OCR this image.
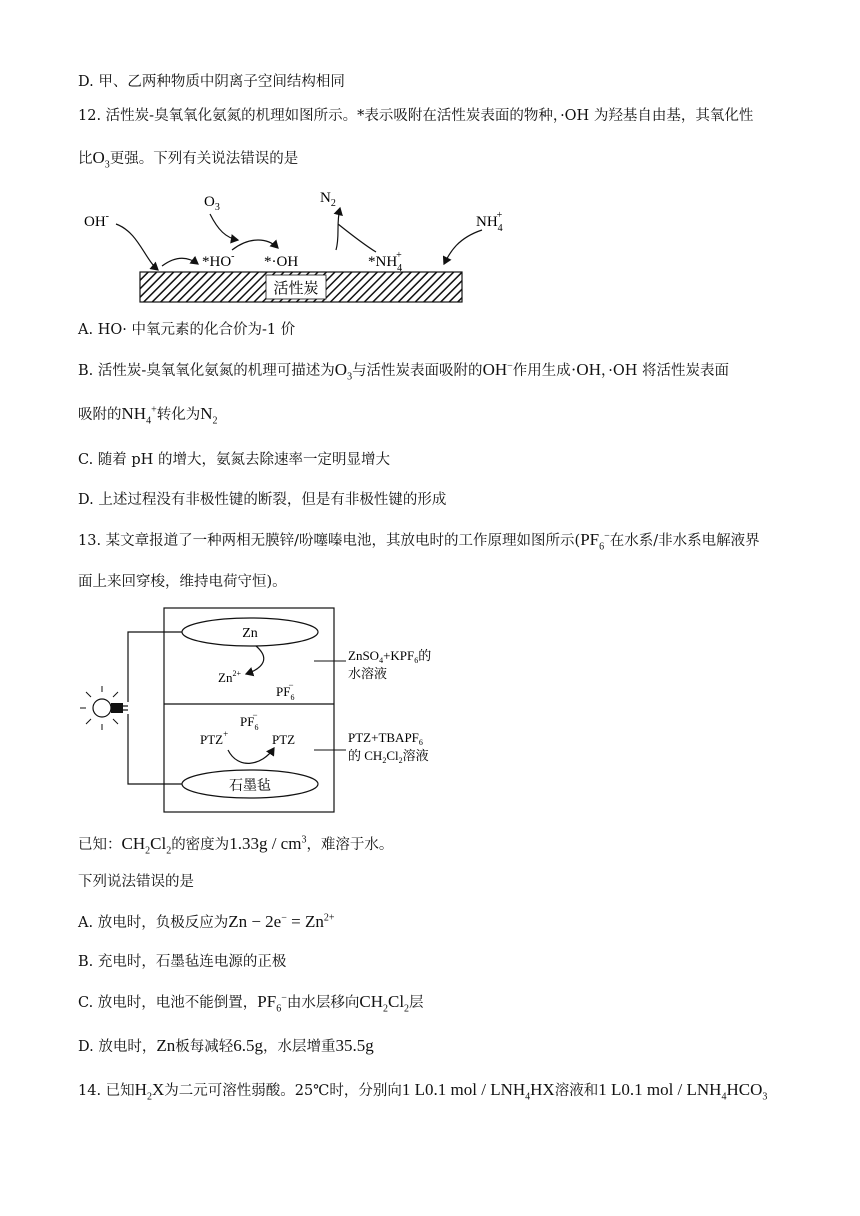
D. 甲、乙两种物质中阴离子空间结构相同
12. 活性炭-臭氧氧化氨氮的机理如图所示。*表示吸附在活性炭表面的物种，·OH 为羟基自由基，其氧化性
比$O_3$更强。下列有关说法错误的是
活性炭
OH-
$O_3$
$N_2$
$NH_4+$
*HO- *·OH	$*NH_4+$
A. HO· 中氧元素的化合价为-1 价
B. 活性炭-臭氧氧化氨氮的机理可描述为$O_3$与活性炭表面吸附的OH−作用生成·OH，·OH 将活性炭表面
吸附的$NH_4^+$转化为$N_2$
C. 随着 pH 的增大，氨氮去除速率一定明显增大
D. 上述过程没有非极性键的断裂，但是有非极性键的形成
13. 某文章报道了一种两相无膜锌/吩噻嗪电池，其放电时的工作原理如图所示($PF_6^-$在水系/非水系电解液界
面上来回穿梭，维持电荷守恒)。
Zn
石墨毡
$Zn^{2+}$
$PF_6-$
PTZ+
$PF_6-$
PTZ
$ZnSO_4+KPF_6$的
水溶液
$PTZ+TBAPF_6$
的 $CH_2Cl_2$溶液
已知：$CH_2Cl_2$的密度为$1.33g / cm^3$，难溶于水。
下列说法错误的是
A. 放电时，负极反应为$Zn - 2e^- = Zn^{2+}$
B. 充电时，石墨毡连电源的正极
C. 放电时，电池不能倒置，$PF_6^-$由水层移向$CH_2Cl_2$层
D. 放电时，Zn板每减轻6.5g，水层增重35.5g
14. 已知$H_2X$为二元可溶性弱酸。25℃时，分别向1 L0.1 mol / $LNH_4HX$溶液和1 L0.1 mol / $LNH_4HCO_3$
